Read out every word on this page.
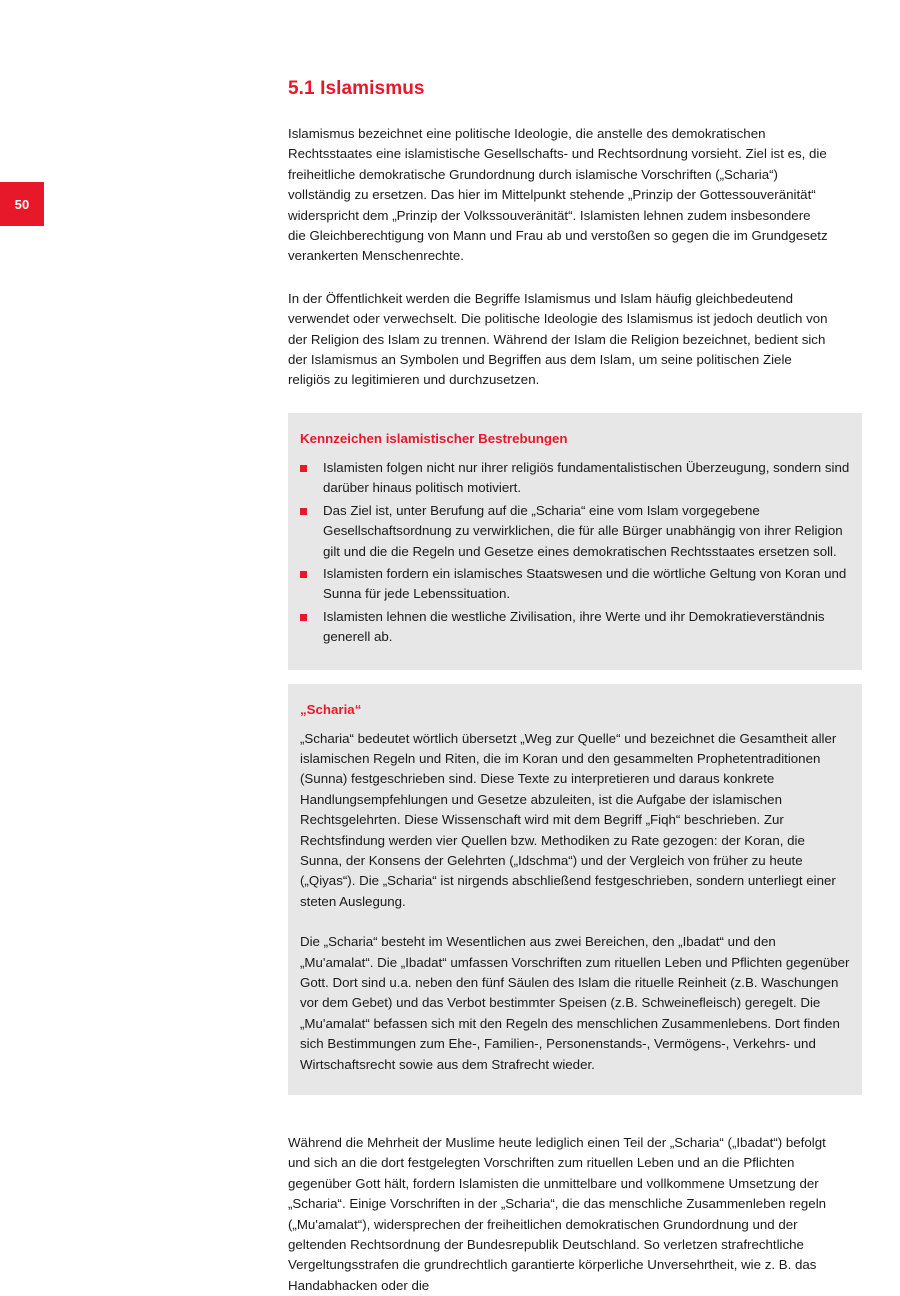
50
5.1 Islamismus

Islamismus bezeichnet eine politische Ideologie, die anstelle des demokratischen Rechtsstaates eine islamistische Gesellschafts- und Rechtsordnung vorsieht. Ziel ist es, die freiheitliche demokratische Grundordnung durch islamische Vorschriften („Scharia“) vollständig zu ersetzen. Das hier im Mittelpunkt stehende „Prinzip der Gottessouveränität“ widerspricht dem „Prinzip der Volkssouveränität“. Islamisten lehnen zudem insbesondere die Gleichberechtigung von Mann und Frau ab und verstoßen so gegen die im Grundgesetz verankerten Menschenrechte.

In der Öffentlichkeit werden die Begriffe Islamismus und Islam häufig gleichbedeutend verwendet oder verwechselt. Die politische Ideologie des Islamismus ist jedoch deutlich von der Religion des Islam zu trennen. Während der Islam die Religion bezeichnet, bedient sich der Islamismus an Symbolen und Begriffen aus dem Islam, um seine politischen Ziele religiös zu legitimieren und durchzusetzen.

Kennzeichen islamistischer Bestrebungen
Islamisten folgen nicht nur ihrer religiös fundamentalistischen Überzeugung, sondern sind darüber hinaus politisch motiviert.
Das Ziel ist, unter Berufung auf die „Scharia“ eine vom Islam vorgegebene Gesellschaftsordnung zu verwirklichen, die für alle Bürger unabhängig von ihrer Religion gilt und die die Regeln und Gesetze eines demokratischen Rechtsstaates ersetzen soll.
Islamisten fordern ein islamisches Staatswesen und die wörtliche Geltung von Koran und Sunna für jede Lebenssituation.
Islamisten lehnen die westliche Zivilisation, ihre Werte und ihr Demokratieverständnis generell ab.
„Scharia“

„Scharia“ bedeutet wörtlich übersetzt „Weg zur Quelle“ und bezeichnet die Gesamtheit aller islamischen Regeln und Riten, die im Koran und den gesammelten Prophetentraditionen (Sunna) festgeschrieben sind. Diese Texte zu interpretieren und daraus konkrete Handlungsempfehlungen und Gesetze abzuleiten, ist die Aufgabe der islamischen Rechtsgelehrten. Diese Wissenschaft wird mit dem Begriff „Fiqh“ beschrieben. Zur Rechtsfindung werden vier Quellen bzw. Methodiken zu Rate gezogen: der Koran, die Sunna, der Konsens der Gelehrten („Idschma“) und der Vergleich von früher zu heute („Qiyas“). Die „Scharia“ ist nirgends abschließend festgeschrieben, sondern unterliegt einer steten Auslegung.

Die „Scharia“ besteht im Wesentlichen aus zwei Bereichen, den „Ibadat“ und den „Mu'amalat“. Die „Ibadat“ umfassen Vorschriften zum rituellen Leben und Pflichten gegenüber Gott. Dort sind u.a. neben den fünf Säulen des Islam die rituelle Reinheit (z.B. Waschungen vor dem Gebet) und das Verbot bestimmter Speisen (z.B. Schweinefleisch) geregelt. Die „Mu'amalat“ befassen sich mit den Regeln des menschlichen Zusammenlebens. Dort finden sich Bestimmungen zum Ehe-, Familien-, Personenstands-, Vermögens-, Verkehrs- und Wirtschaftsrecht sowie aus dem Strafrecht wieder.

Während die Mehrheit der Muslime heute lediglich einen Teil der „Scharia“ („Ibadat“) befolgt und sich an die dort festgelegten Vorschriften zum rituellen Leben und an die Pflichten gegenüber Gott hält, fordern Islamisten die unmittelbare und vollkommene Umsetzung der „Scharia“. Einige Vorschriften in der „Scharia“, die das menschliche Zusammenleben regeln („Mu'amalat“), widersprechen der freiheitlichen demokratischen Grundordnung und der geltenden Rechtsordnung der Bundesrepublik Deutschland. So verletzen strafrechtliche Vergeltungsstrafen die grundrechtlich garantierte körperliche Unversehrtheit, wie z. B. das Handabhacken oder die
